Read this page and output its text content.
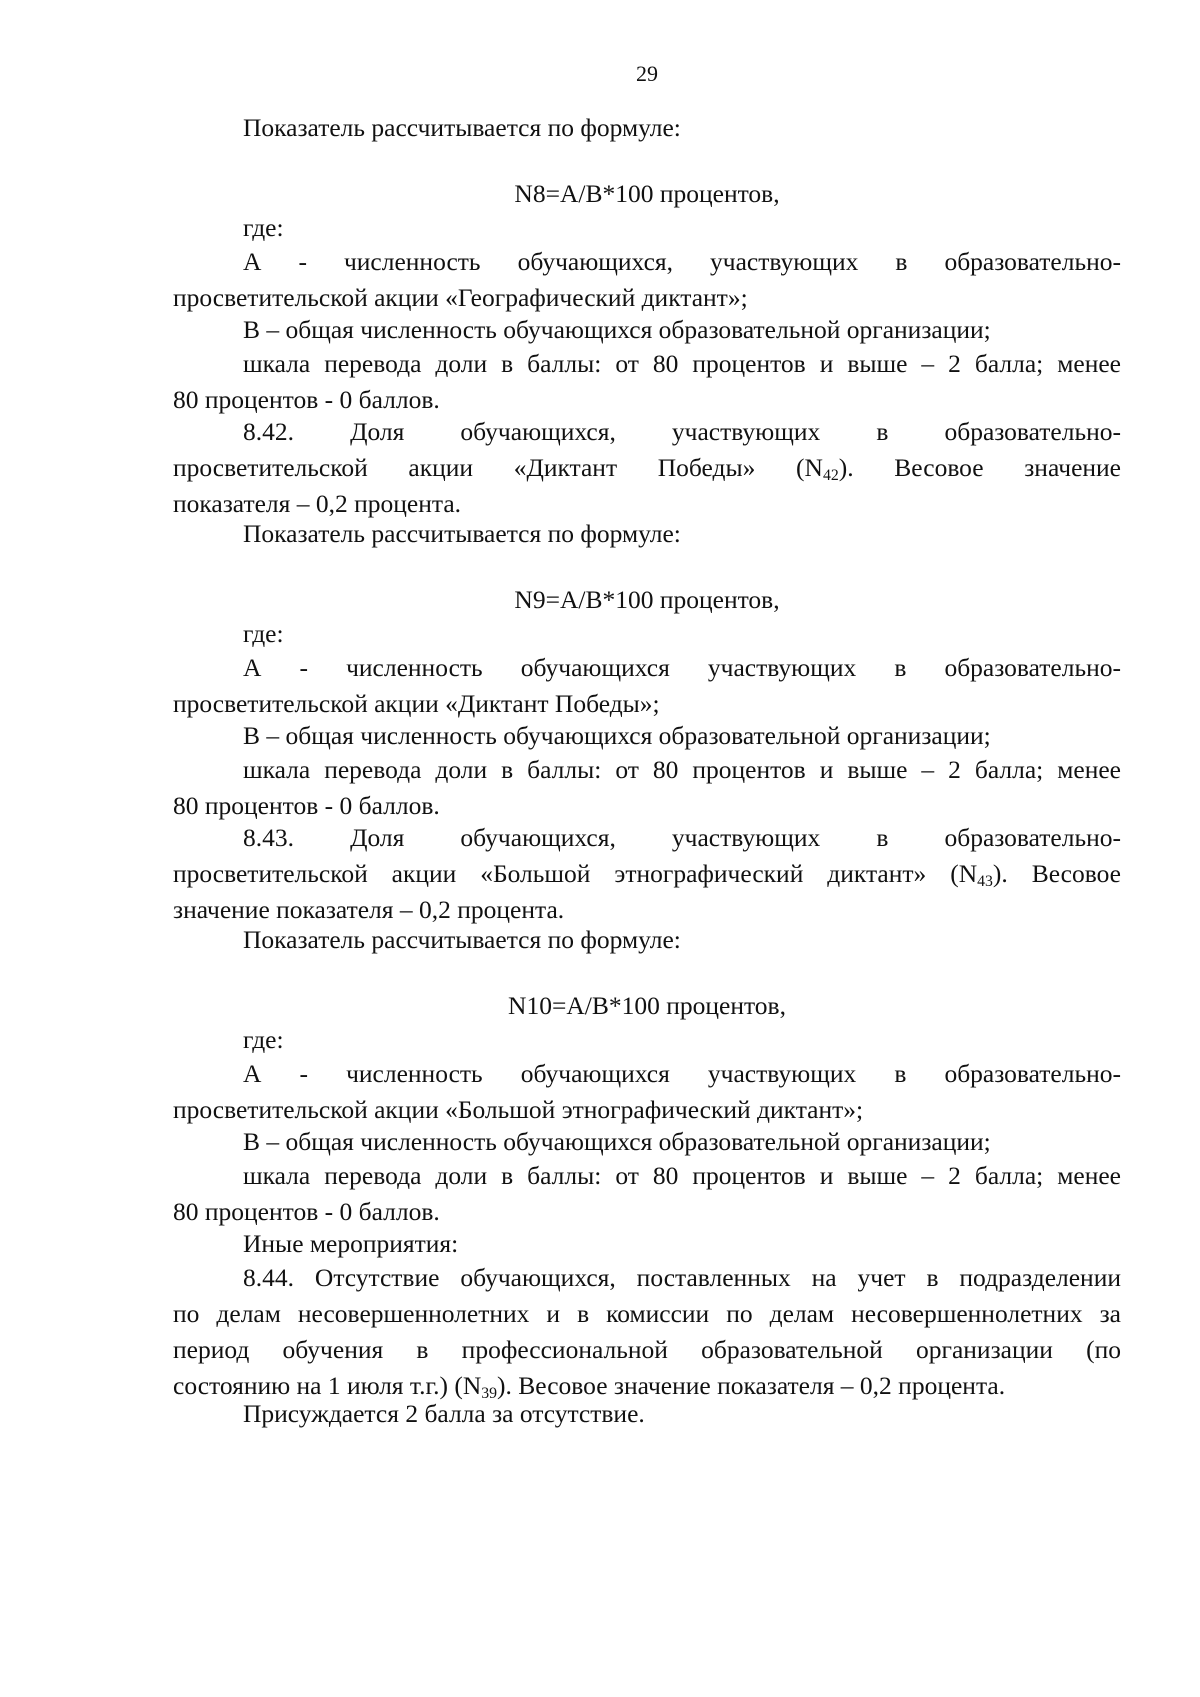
29

Показатель рассчитывается по формуле:

N8=A/B*100 процентов,

где:

А - численность обучающихся, участвующих в образовательно-

просветительской акции «Географический диктант»;

В – общая численность обучающихся образовательной организации;

шкала перевода доли в баллы: от 80 процентов и выше – 2 балла; менее

80 процентов - 0 баллов.

8.42. Доля обучающихся, участвующих в образовательно-

просветительской акции «Диктант Победы» $(N_{42})$. Весовое значение

показателя – 0,2 процента.

Показатель рассчитывается по формуле:

N9=A/B*100 процентов,

где:

А - численность обучающихся участвующих в образовательно-

просветительской акции «Диктант Победы»;

В – общая численность обучающихся образовательной организации;

шкала перевода доли в баллы: от 80 процентов и выше – 2 балла; менее

80 процентов - 0 баллов.

8.43. Доля обучающихся, участвующих в образовательно-

просветительской акции «Большой этнографический диктант» $(N_{43})$. Весовое

значение показателя – 0,2 процента.

Показатель рассчитывается по формуле:

N10=A/B*100 процентов,

где:

А - численность обучающихся участвующих в образовательно-

просветительской акции «Большой этнографический диктант»;

В – общая численность обучающихся образовательной организации;

шкала перевода доли в баллы: от 80 процентов и выше – 2 балла; менее

80 процентов - 0 баллов.

Иные мероприятия:

8.44. Отсутствие обучающихся, поставленных на учет в подразделении

по делам несовершеннолетних и в комиссии по делам несовершеннолетних за

период обучения в профессиональной образовательной организации (по

состоянию на 1 июля т.г.) $(N_{39})$. Весовое значение показателя – 0,2 процента.

Присуждается 2 балла за отсутствие.
